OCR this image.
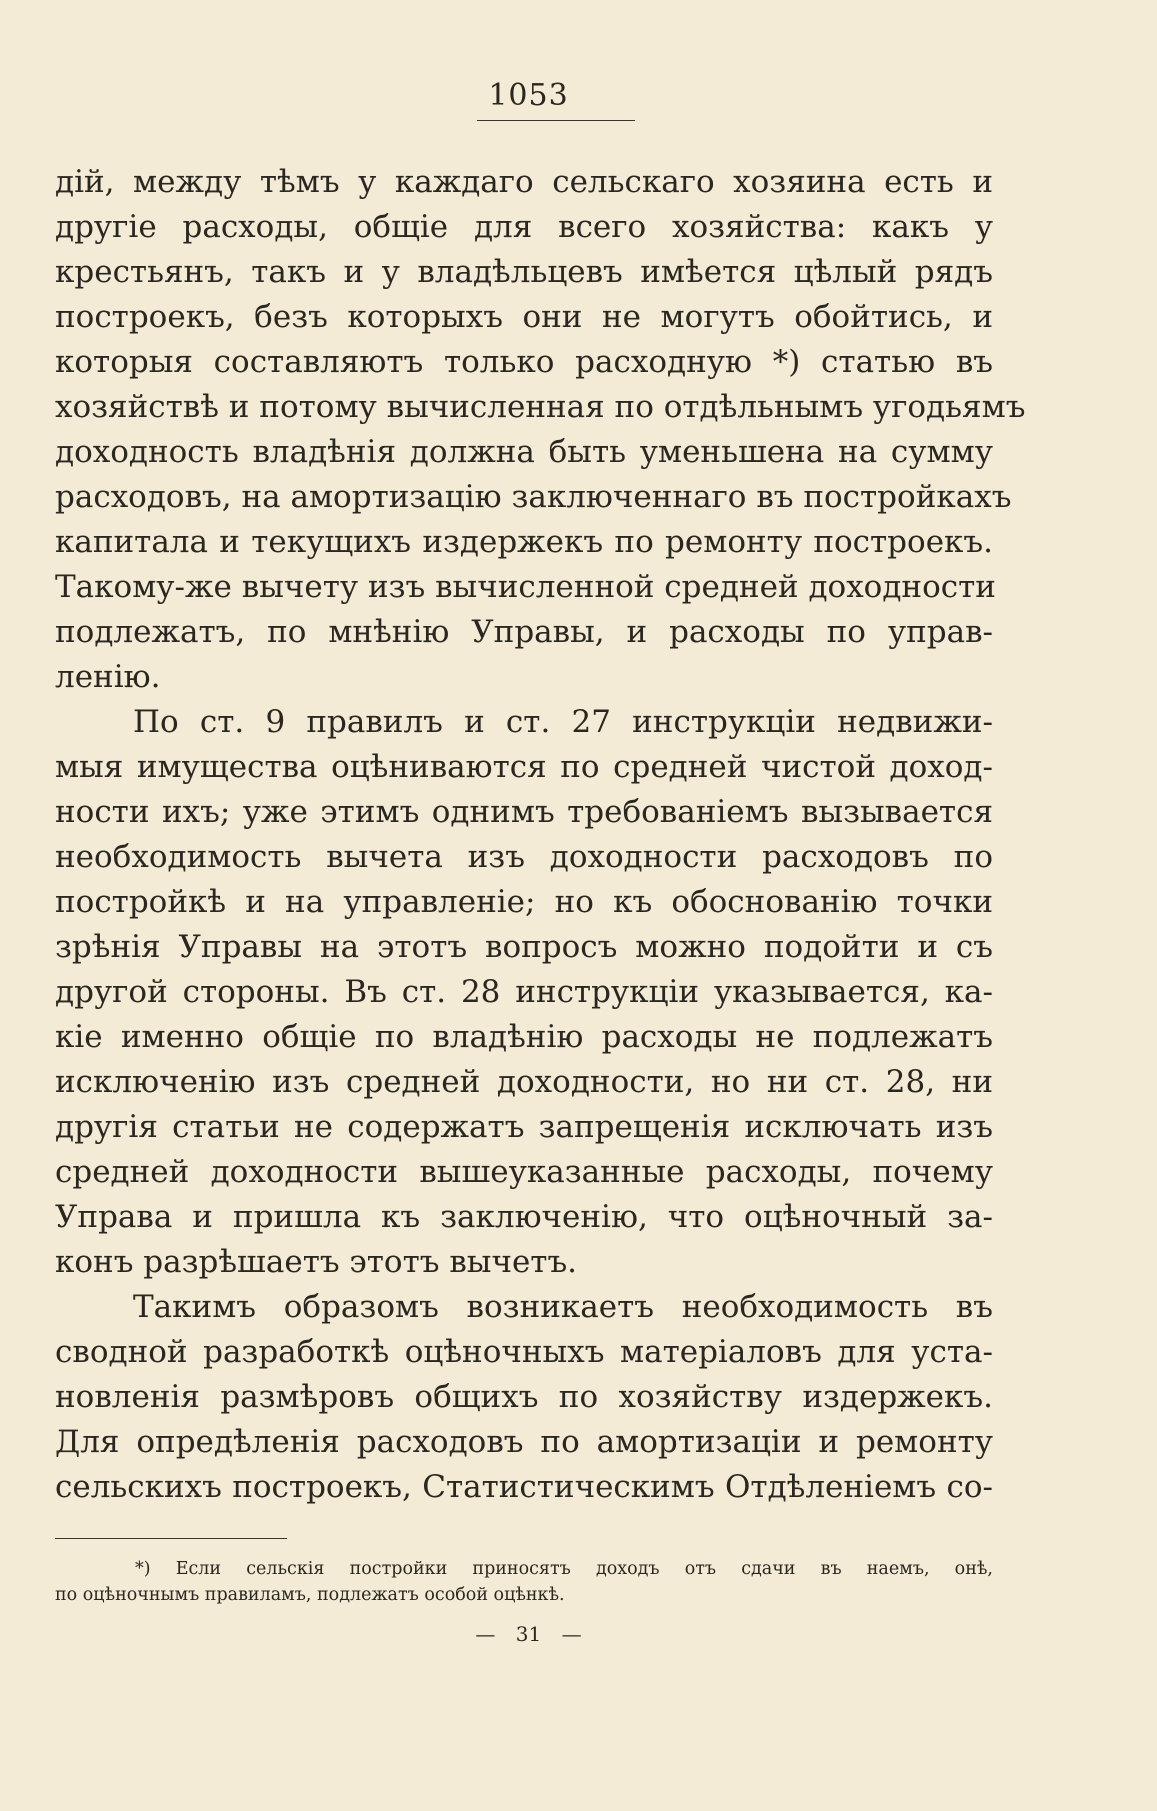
1053
дій, между тѣмъ у каждаго сельскаго хозяина есть и
другіе расходы, общіе для всего хозяйства: какъ у
крестьянъ, такъ и у владѣльцевъ имѣется цѣлый рядъ
построекъ, безъ которыхъ они не могутъ обойтись, и
которыя составляютъ только расходную *) статью въ
хозяйствѣ и потому вычисленная по отдѣльнымъ угодьямъ
доходность владѣнія должна быть уменьшена на сумму
расходовъ, на амортизацію заключеннаго въ постройкахъ
капитала и текущихъ издержекъ по ремонту построекъ.
Такому-же вычету изъ вычисленной средней доходности
подлежатъ, по мнѣнію Управы, и расходы по управ-
ленію.
По ст. 9 правилъ и ст. 27 инструкціи недвижи-
мыя имущества оцѣниваются по средней чистой доход-
ности ихъ; уже этимъ однимъ требованіемъ вызывается
необходимость вычета изъ доходности расходовъ по
постройкѣ и на управленіе; но къ обоснованію точки
зрѣнія Управы на этотъ вопросъ можно подойти и съ
другой стороны. Въ ст. 28 инструкціи указывается, ка-
кіе именно общіе по владѣнію расходы не подлежатъ
исключенію изъ средней доходности, но ни ст. 28, ни
другія статьи не содержатъ запрещенія исключать изъ
средней доходности вышеуказанные расходы, почему
Управа и пришла къ заключенію, что оцѣночный за-
конъ разрѣшаетъ этотъ вычетъ.
Такимъ образомъ возникаетъ необходимость въ
сводной разработкѣ оцѣночныхъ матеріаловъ для уста-
новленія размѣровъ общихъ по хозяйству издержекъ.
Для опредѣленія расходовъ по амортизаціи и ремонту
сельскихъ построекъ, Статистическимъ Отдѣленіемъ со-
*) Если сельскія постройки приносятъ доходъ отъ сдачи въ наемъ, онѣ,
по оцѣночнымъ правиламъ, подлежатъ особой оцѣнкѣ.
— 31 —
